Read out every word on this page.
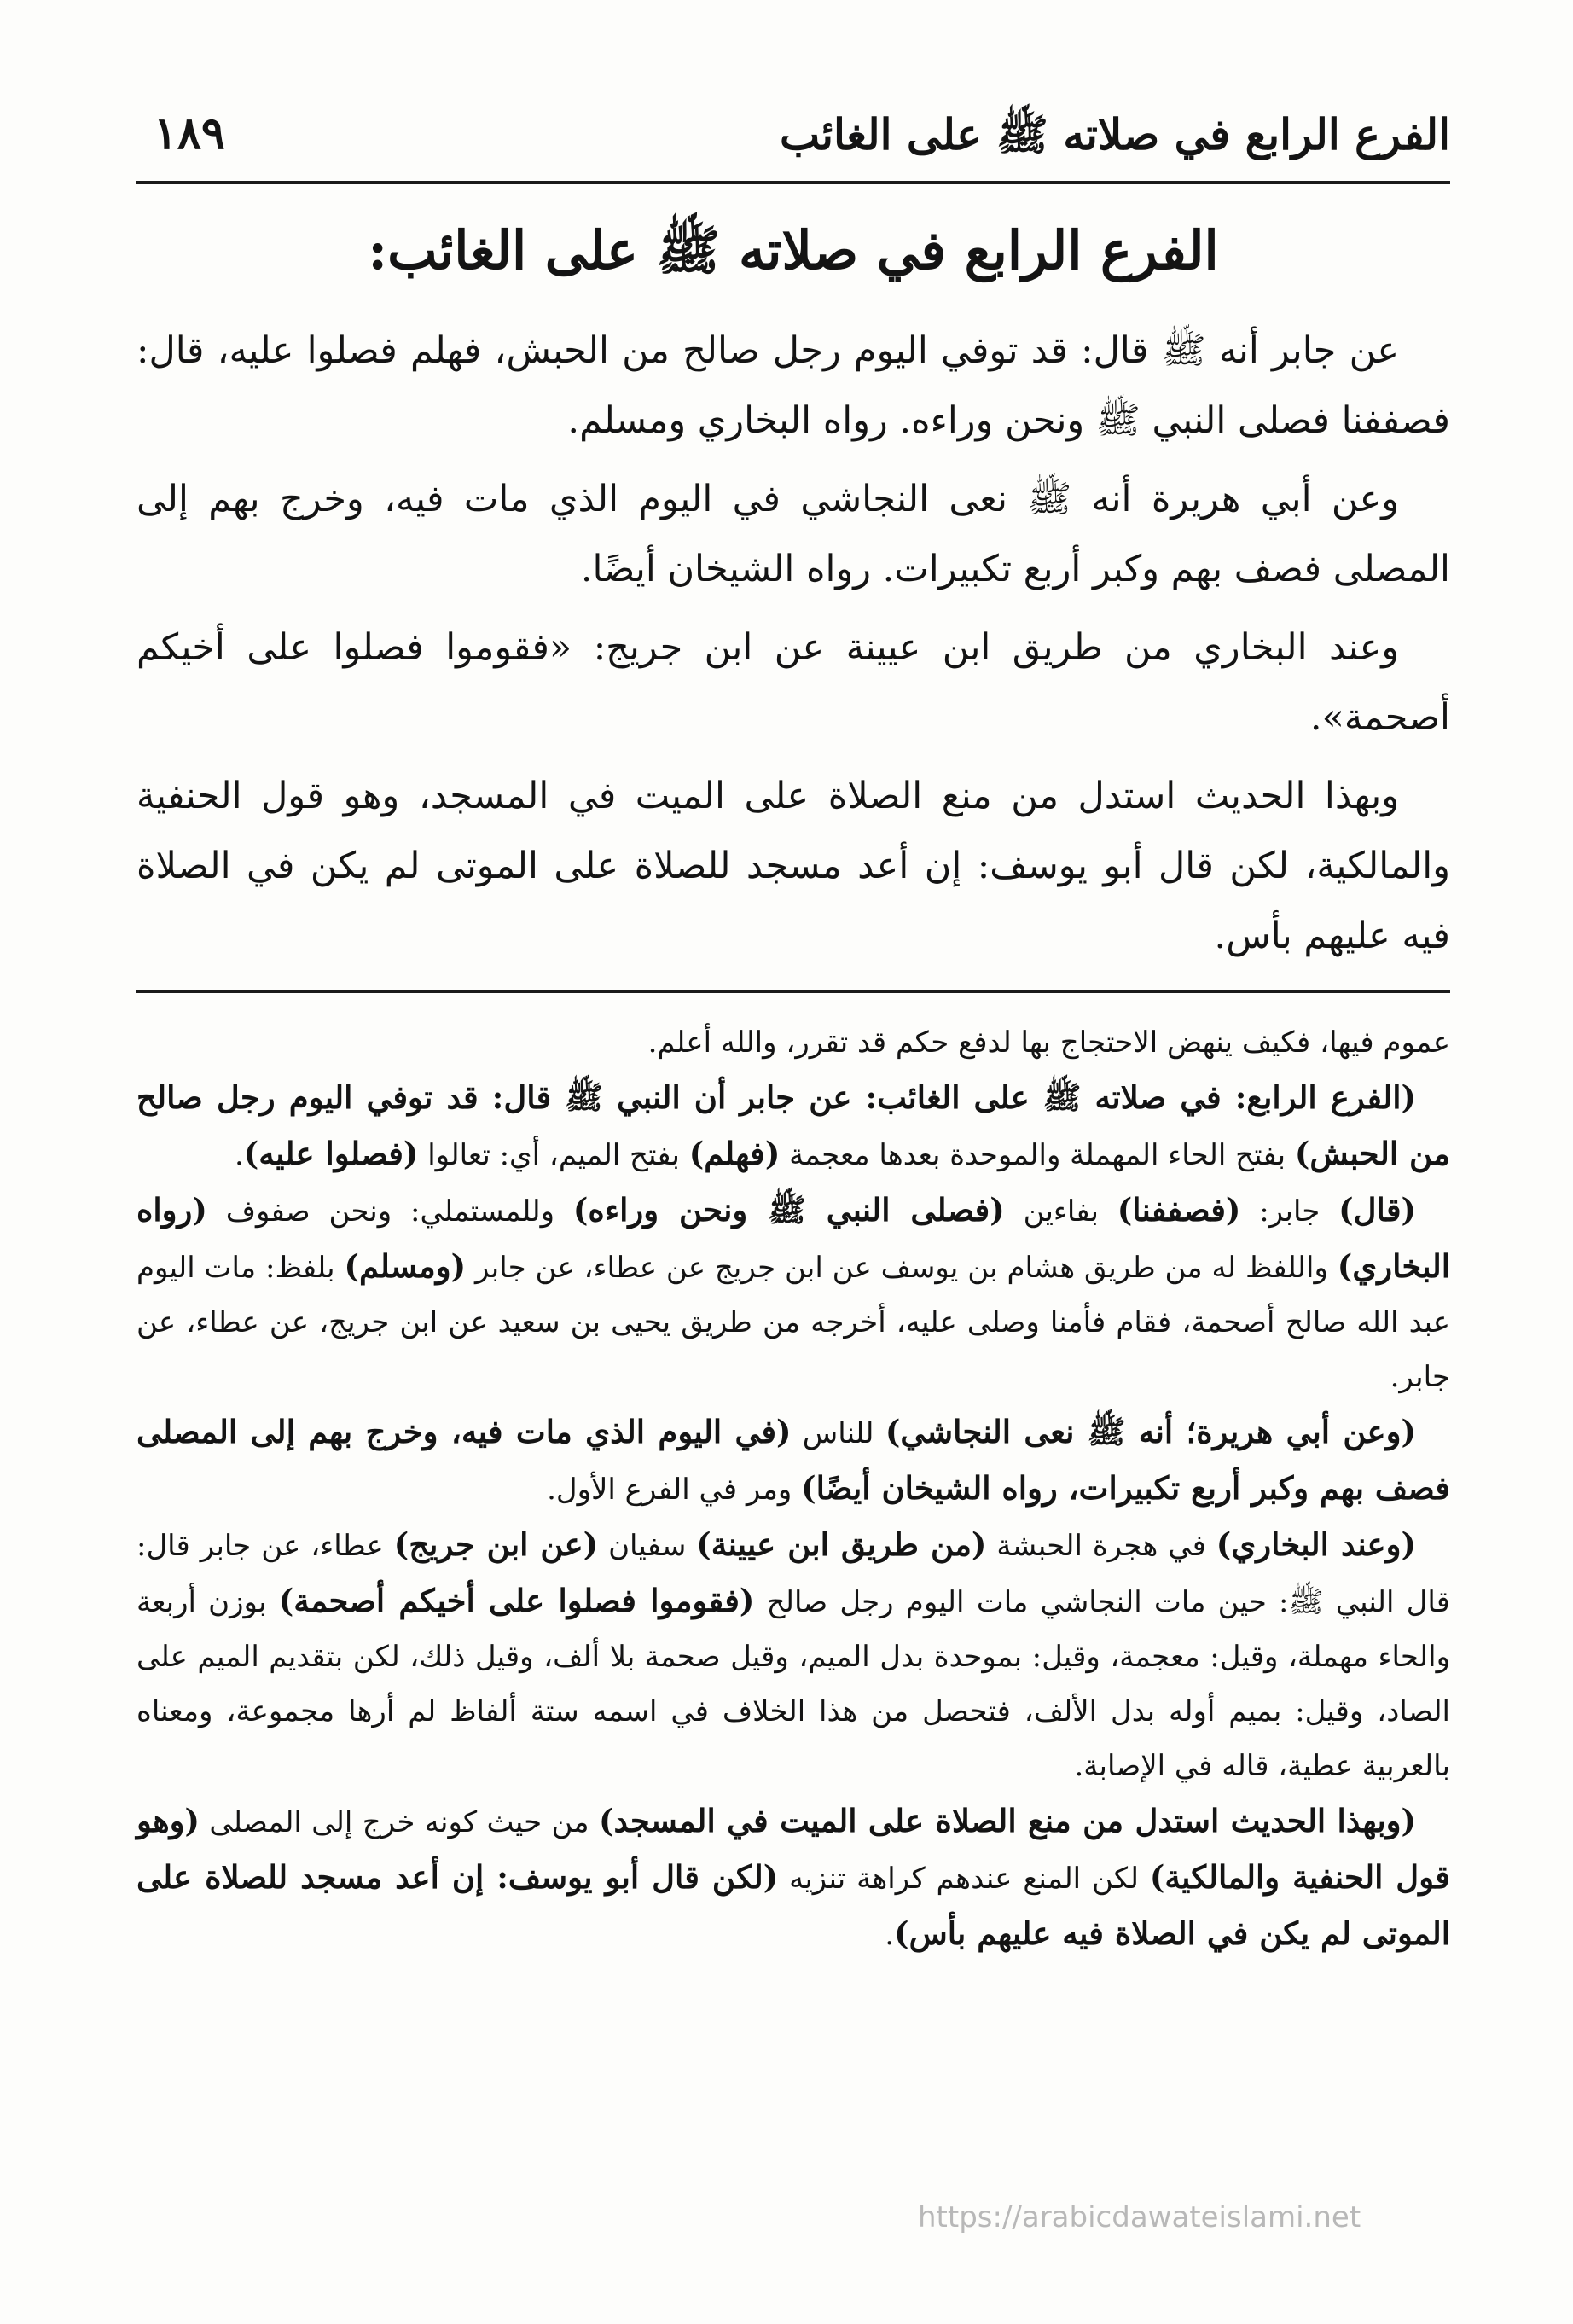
الفرع الرابع في صلاته ﷺ على الغائب
١٨٩
الفرع الرابع في صلاته ﷺ على الغائب:

عن جابر أنه ﷺ قال: قد توفي اليوم رجل صالح من الحبش، فهلم فصلوا عليه، قال: فصففنا فصلى النبي ﷺ ونحن وراءه. رواه البخاري ومسلم.

وعن أبي هريرة أنه ﷺ نعى النجاشي في اليوم الذي مات فيه، وخرج بهم إلى المصلى فصف بهم وكبر أربع تكبيرات. رواه الشيخان أيضًا.

وعند البخاري من طريق ابن عيينة عن ابن جريج: «فقوموا فصلوا على أخيكم أصحمة».

وبهذا الحديث استدل من منع الصلاة على الميت في المسجد، وهو قول الحنفية والمالكية، لكن قال أبو يوسف: إن أعد مسجد للصلاة على الموتى لم يكن في الصلاة فيه عليهم بأس.

عموم فيها، فكيف ينهض الاحتجاج بها لدفع حكم قد تقرر، والله أعلم.

(الفرع الرابع: في صلاته ﷺ على الغائب: عن جابر أن النبي ﷺ قال: قد توفي اليوم رجل صالح من الحبش) بفتح الحاء المهملة والموحدة بعدها معجمة (فهلم) بفتح الميم، أي: تعالوا (فصلوا عليه).

(قال) جابر: (فصففنا) بفاءين (فصلى النبي ﷺ ونحن وراءه) وللمستملي: ونحن صفوف (رواه البخاري) واللفظ له من طريق هشام بن يوسف عن ابن جريج عن عطاء، عن جابر (ومسلم) بلفظ: مات اليوم عبد الله صالح أصحمة، فقام فأمنا وصلى عليه، أخرجه من طريق يحيى بن سعيد عن ابن جريج، عن عطاء، عن جابر.

(وعن أبي هريرة؛ أنه ﷺ نعى النجاشي) للناس (في اليوم الذي مات فيه، وخرج بهم إلى المصلى فصف بهم وكبر أربع تكبيرات، رواه الشيخان أيضًا) ومر في الفرع الأول.

(وعند البخاري) في هجرة الحبشة (من طريق ابن عيينة) سفيان (عن ابن جريج) عطاء، عن جابر قال: قال النبي ﷺ: حين مات النجاشي مات اليوم رجل صالح (فقوموا فصلوا على أخيكم أصحمة) بوزن أربعة والحاء مهملة، وقيل: معجمة، وقيل: بموحدة بدل الميم، وقيل صحمة بلا ألف، وقيل ذلك، لكن بتقديم الميم على الصاد، وقيل: بميم أوله بدل الألف، فتحصل من هذا الخلاف في اسمه ستة ألفاظ لم أرها مجموعة، ومعناه بالعربية عطية، قاله في الإصابة.

(وبهذا الحديث استدل من منع الصلاة على الميت في المسجد) من حيث كونه خرج إلى المصلى (وهو قول الحنفية والمالكية) لكن المنع عندهم كراهة تنزيه (لكن قال أبو يوسف: إن أعد مسجد للصلاة على الموتى لم يكن في الصلاة فيه عليهم بأس).

https://arabicdawateislami.net
